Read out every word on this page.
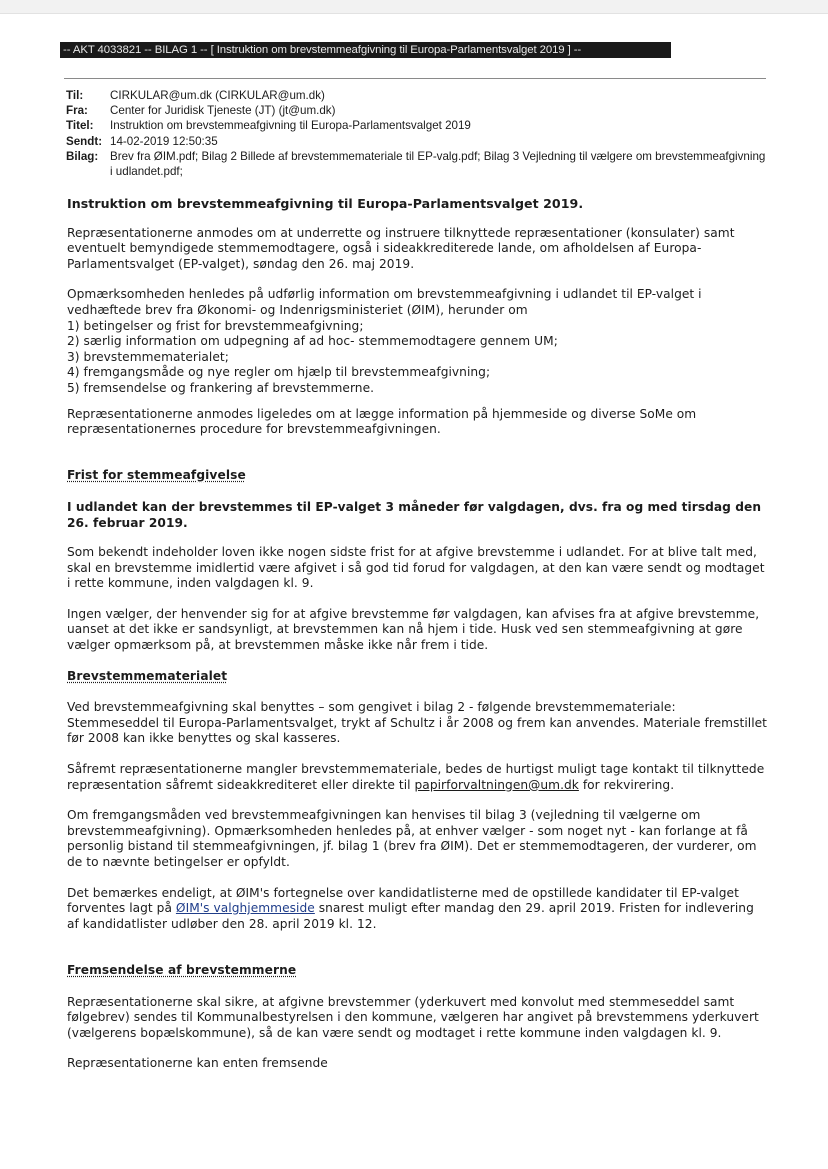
-- AKT 4033821 -- BILAG 1 -- [ Instruktion om brevstemmeafgivning til Europa-Parlamentsvalget 2019 ] --
Til:	CIRKULAR@um.dk (CIRKULAR@um.dk)
Fra:	Center for Juridisk Tjeneste (JT) (jt@um.dk)
Titel:	Instruktion om brevstemmeafgivning til Europa-Parlamentsvalget 2019
Sendt: 14-02-2019 12:50:35
Bilag:	Brev fra ØIM.pdf; Bilag 2 Billede af brevstemmemateriale til EP-valg.pdf; Bilag 3 Vejledning til vælgere om brevstemmeafgivning i udlandet.pdf;

Instruktion om brevstemmeafgivning til Europa-Parlamentsvalget 2019.

Repræsentationerne anmodes om at underrette og instruere tilknyttede repræsentationer (konsulater) samt eventuelt bemyndigede stemmemodtagere, også i sideakkrediterede lande, om afholdelsen af Europa-Parlamentsvalget (EP-valget), søndag den 26. maj 2019.

Opmærksomheden henledes på udførlig information om brevstemmeafgivning i udlandet til EP-valget i vedhæftede brev fra Økonomi- og Indenrigsministeriet (ØIM), herunder om

1) betingelser og frist for brevstemmeafgivning;

2) særlig information om udpegning af ad hoc- stemmemodtagere gennem UM;

3) brevstemmematerialet;

4) fremgangsmåde og nye regler om hjælp til brevstemmeafgivning;

5) fremsendelse og frankering af brevstemmerne.

Repræsentationerne anmodes ligeledes om at lægge information på hjemmeside og diverse SoMe om repræsentationernes procedure for brevstemmeafgivningen.

Frist for stemmeafgivelse

I udlandet kan der brevstemmes til EP-valget 3 måneder før valgdagen, dvs. fra og med tirsdag den 26. februar 2019.

Som bekendt indeholder loven ikke nogen sidste frist for at afgive brevstemme i udlandet. For at blive talt med, skal en brevstemme imidlertid være afgivet i så god tid forud for valgdagen, at den kan være sendt og modtaget i rette kommune, inden valgdagen kl. 9.

Ingen vælger, der henvender sig for at afgive brevstemme før valgdagen, kan afvises fra at afgive brevstemme, uanset at det ikke er sandsynligt, at brevstemmen kan nå hjem i tide. Husk ved sen stemmeafgivning at gøre vælger opmærksom på, at brevstemmen måske ikke når frem i tide.

Brevstemmematerialet

Ved brevstemmeafgivning skal benyttes – som gengivet i bilag 2 - følgende brevstemmemateriale: Stemmeseddel til Europa-Parlamentsvalget, trykt af Schultz i år 2008 og frem kan anvendes. Materiale fremstillet før 2008 kan ikke benyttes og skal kasseres.

Såfremt repræsentationerne mangler brevstemmemateriale, bedes de hurtigst muligt tage kontakt til tilknyttede repræsentation såfremt sideakkrediteret eller direkte til papirforvaltningen@um.dk for rekvirering.

Om fremgangsmåden ved brevstemmeafgivningen kan henvises til bilag 3 (vejledning til vælgerne om brevstemmeafgivning). Opmærksomheden henledes på, at enhver vælger - som noget nyt - kan forlange at få personlig bistand til stemmeafgivningen, jf. bilag 1 (brev fra ØIM). Det er stemmemodtageren, der vurderer, om de to nævnte betingelser er opfyldt.

Det bemærkes endeligt, at ØIM's fortegnelse over kandidatlisterne med de opstillede kandidater til EP-valget forventes lagt på ØIM's valghjemmeside snarest muligt efter mandag den 29. april 2019. Fristen for indlevering af kandidatlister udløber den 28. april 2019 kl. 12.

Fremsendelse af brevstemmerne

Repræsentationerne skal sikre, at afgivne brevstemmer (yderkuvert med konvolut med stemmeseddel samt følgebrev) sendes til Kommunalbestyrelsen i den kommune, vælgeren har angivet på brevstemmens yderkuvert (vælgerens bopælskommune), så de kan være sendt og modtaget i rette kommune inden valgdagen kl. 9.

Repræsentationerne kan enten fremsende
